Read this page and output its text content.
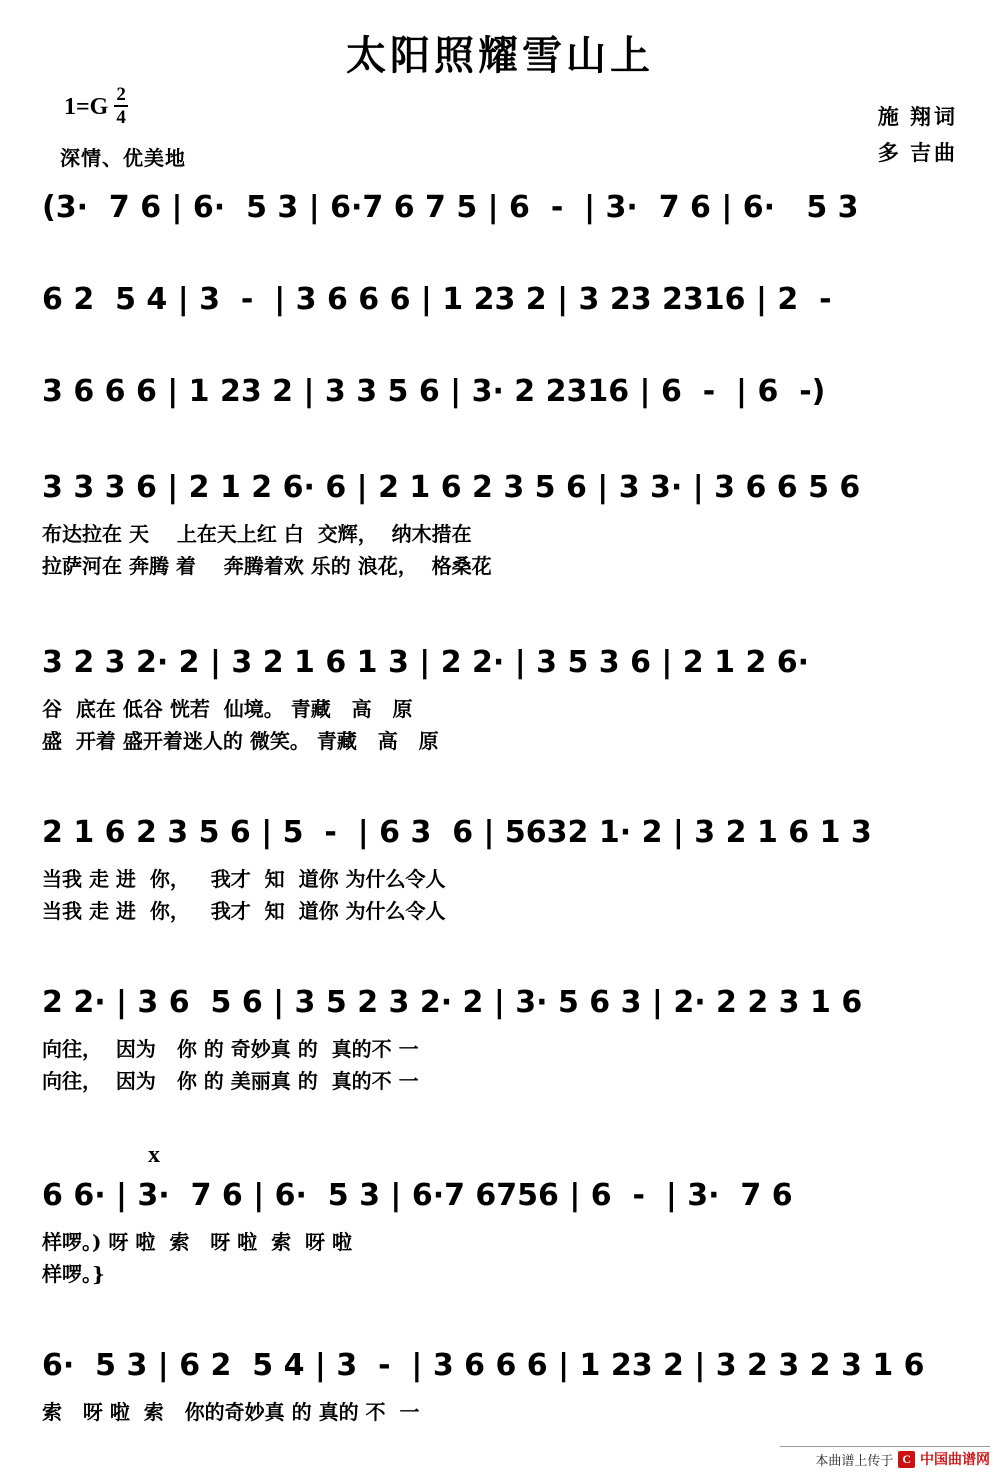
太阳照耀雪山上
$1=G \frac{2}{4}$
深情、优美地
施 翔词
多 吉曲
(3·  7 6 | 6·  5 3 | 6·7 6 7 5 | 6  -  | 3·  7 6 | 6·   5 3
6 2  5 4 | 3  -  | 3 6 6 6 | 1 23 2 | 3 23 2316 | 2  -
3 6 6 6 | 1 23 2 | 3 3 5 6 | 3· 2 2316 | 6  -  | 6  -)
3 3 3 6 | 2 1 2 6· 6 | 2 1 6 2 3 5 6 | 3 3· | 3 6 6 5 6
布达拉在 天    上在天上红 白  交辉，  纳木措在
拉萨河在 奔腾 着    奔腾着欢 乐的 浪花，  格桑花
3 2 3 2· 2 | 3 2 1 6 1 3 | 2 2· | 3 5 3 6 | 2 1 2 6·
谷  底在 低谷 恍若  仙境。 青藏   高   原
盛  开着 盛开着迷人的 微笑。 青藏   高   原
2 1 6 2 3 5 6 | 5  -  | 6 3  6 | 5632 1· 2 | 3 2 1 6 1 3
当我 走 进  你，   我才  知  道你 为什么令人
当我 走 进  你，   我才  知  道你 为什么令人
2 2· | 3 6  5 6 | 3 5 2 3 2· 2 | 3· 5 6 3 | 2· 2 2 3 1 6
向往，  因为   你 的 奇妙真 的  真的不 一
向往，  因为   你 的 美丽真 的  真的不 一
x
6 6· | 3·  7 6 | 6·  5 3 | 6·7 6756 | 6  -  | 3·  7 6
样啰。) 呀 啦  索   呀 啦  索  呀 啦
样啰。}
6·  5 3 | 6 2  5 4 | 3  -  | 3 6 6 6 | 1 23 2 | 3 2 3 2 3 1 6
索   呀 啦  索   你的奇妙真 的 真的 不  一
本曲谱上传于 C 中国曲谱网
